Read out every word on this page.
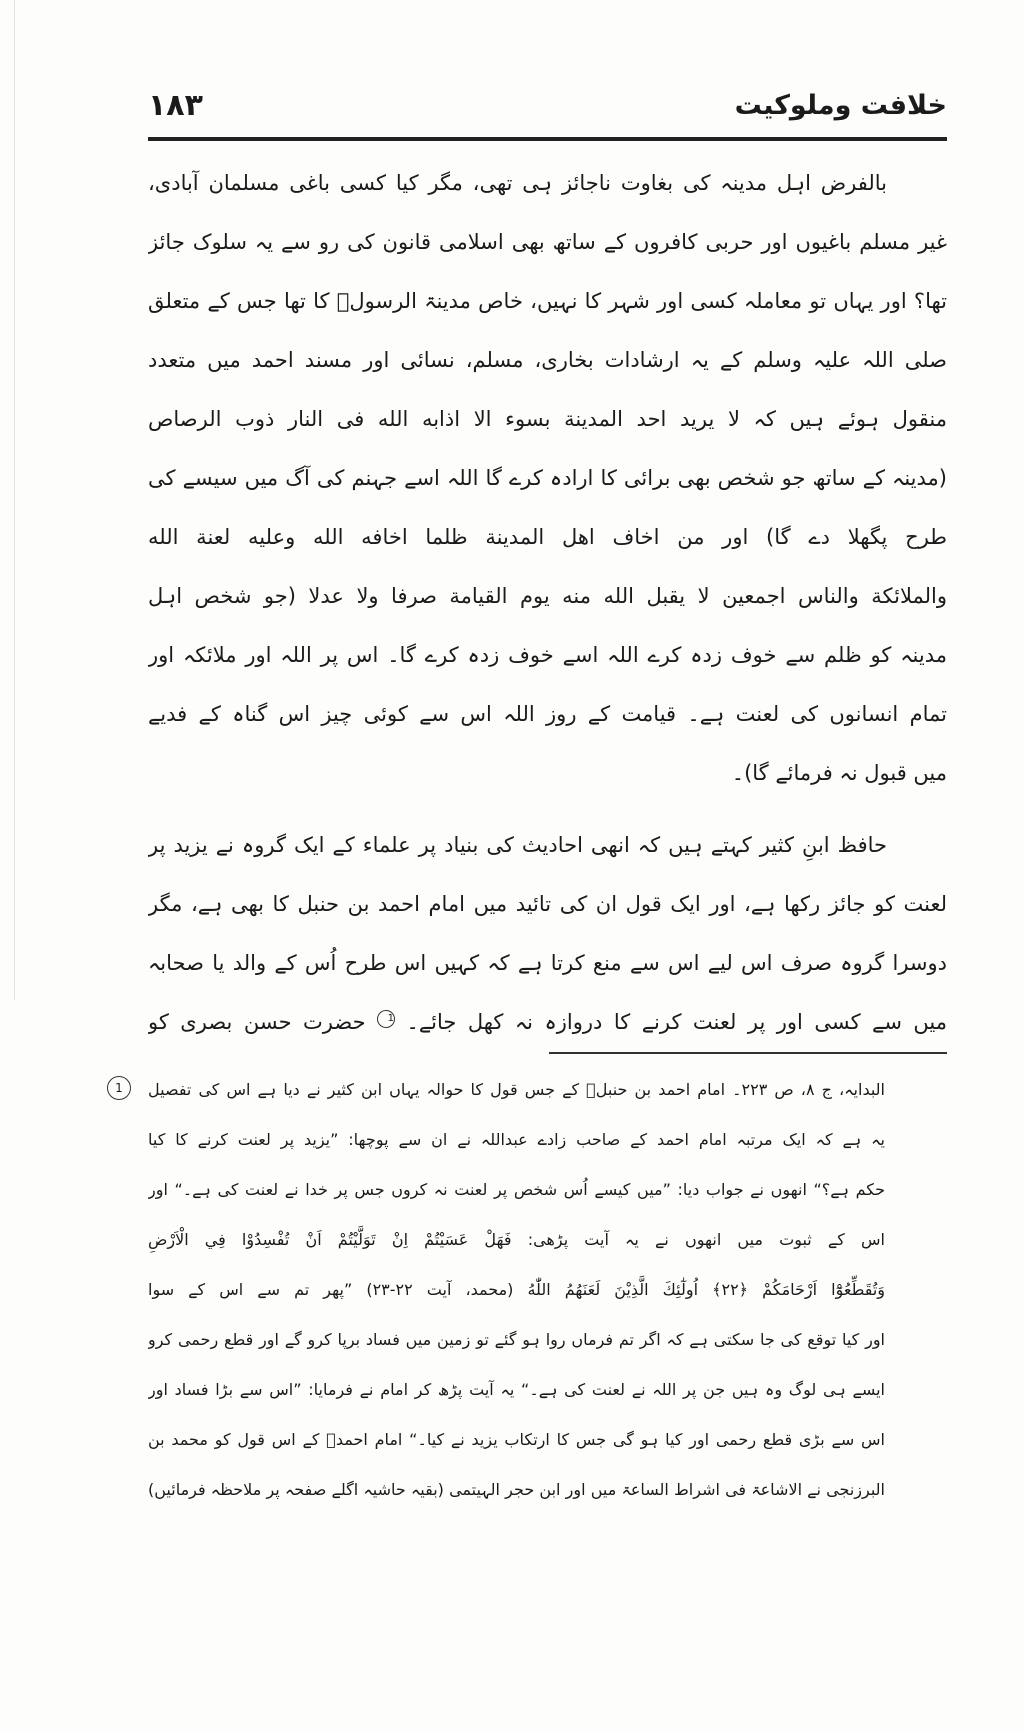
۱۸۳	خلافت وملوکیت
بالفرض اہل مدینہ کی بغاوت ناجائز ہی تھی، مگر کیا کسی باغی مسلمان آبادی،
غیر مسلم باغیوں اور حربی کافروں کے ساتھ بھی اسلامی قانون کی رو سے یہ سلوک جائز
تھا؟ اور یہاں تو معاملہ کسی اور شہر کا نہیں، خاص مدینۃ الرسولؐ کا تھا جس کے متعلق
صلی اللہ علیہ وسلم کے یہ ارشادات بخاری، مسلم، نسائی اور مسند احمد میں متعدد
منقول ہوئے ہیں کہ لا یرید احد المدینة بسوء الا اذابه الله فی النار ذوب الرصاص
(مدینہ کے ساتھ جو شخص بھی برائی کا ارادہ کرے گا اللہ اسے جہنم کی آگ میں سیسے کی
طرح پگھلا دے گا) اور من اخاف اهل المدینة ظلما اخافه الله وعلیه لعنة الله
والملائکة والناس اجمعین لا یقبل الله منه یوم القیامة صرفا ولا عدلا (جو شخص اہل
مدینہ کو ظلم سے خوف زدہ کرے اللہ اسے خوف زدہ کرے گا۔ اس پر اللہ اور ملائکہ اور
تمام انسانوں کی لعنت ہے۔ قیامت کے روز اللہ اس سے کوئی چیز اس گناہ کے فدیے
میں قبول نہ فرمائے گا)۔
حافظ ابنِ کثیر کہتے ہیں کہ انھی احادیث کی بنیاد پر علماء کے ایک گروہ نے یزید پر
لعنت کو جائز رکھا ہے، اور ایک قول ان کی تائید میں امام احمد بن حنبل کا بھی ہے، مگر
دوسرا گروہ صرف اس لیے اس سے منع کرتا ہے کہ کہیں اس طرح اُس کے والد یا صحابہ
میں سے کسی اور پر لعنت کرنے کا دروازہ نہ کھل جائے۔ 1 حضرت حسن بصری کو
1	البدایہ، ج ۸، ص ۲۲۳۔ امام احمد بن حنبلؒ کے جس قول کا حوالہ یہاں ابن کثیر نے دیا ہے اس کی تفصیل
یہ ہے کہ ایک مرتبہ امام احمد کے صاحب زادے عبداللہ نے ان سے پوچھا: ”یزید پر لعنت کرنے کا کیا
حکم ہے؟“ انھوں نے جواب دیا: ”میں کیسے اُس شخص پر لعنت نہ کروں جس پر خدا نے لعنت کی ہے۔“ اور
اس کے ثبوت میں انھوں نے یہ آیت پڑھی: فَهَلْ عَسَيْتُمْ اِنْ تَوَلَّيْتُمْ اَنْ تُفْسِدُوْا فِي الْاَرْضِ
وَتُقَطِّعُوْٓا اَرْحَامَكُمْ ﴿٢٢﴾ اُولٰٓئِكَ الَّذِيْنَ لَعَنَهُمُ اللّٰهُ (محمد، آیت ۲۲-۲۳) ”پھر تم سے اس کے سوا
اور کیا توقع کی جا سکتی ہے کہ اگر تم فرماں روا ہو گئے تو زمین میں فساد برپا کرو گے اور قطع رحمی کرو
ایسے ہی لوگ وہ ہیں جن پر اللہ نے لعنت کی ہے۔“ یہ آیت پڑھ کر امام نے فرمایا: ”اس سے بڑا فساد اور
اس سے بڑی قطع رحمی اور کیا ہو گی جس کا ارتکاب یزید نے کیا۔“ امام احمدؒ کے اس قول کو محمد بن
البرزنجی نے الاشاعۃ فی اشراط الساعۃ میں اور ابن حجر الہیتمی (بقیہ حاشیہ اگلے صفحہ پر ملاحظہ فرمائیں)
